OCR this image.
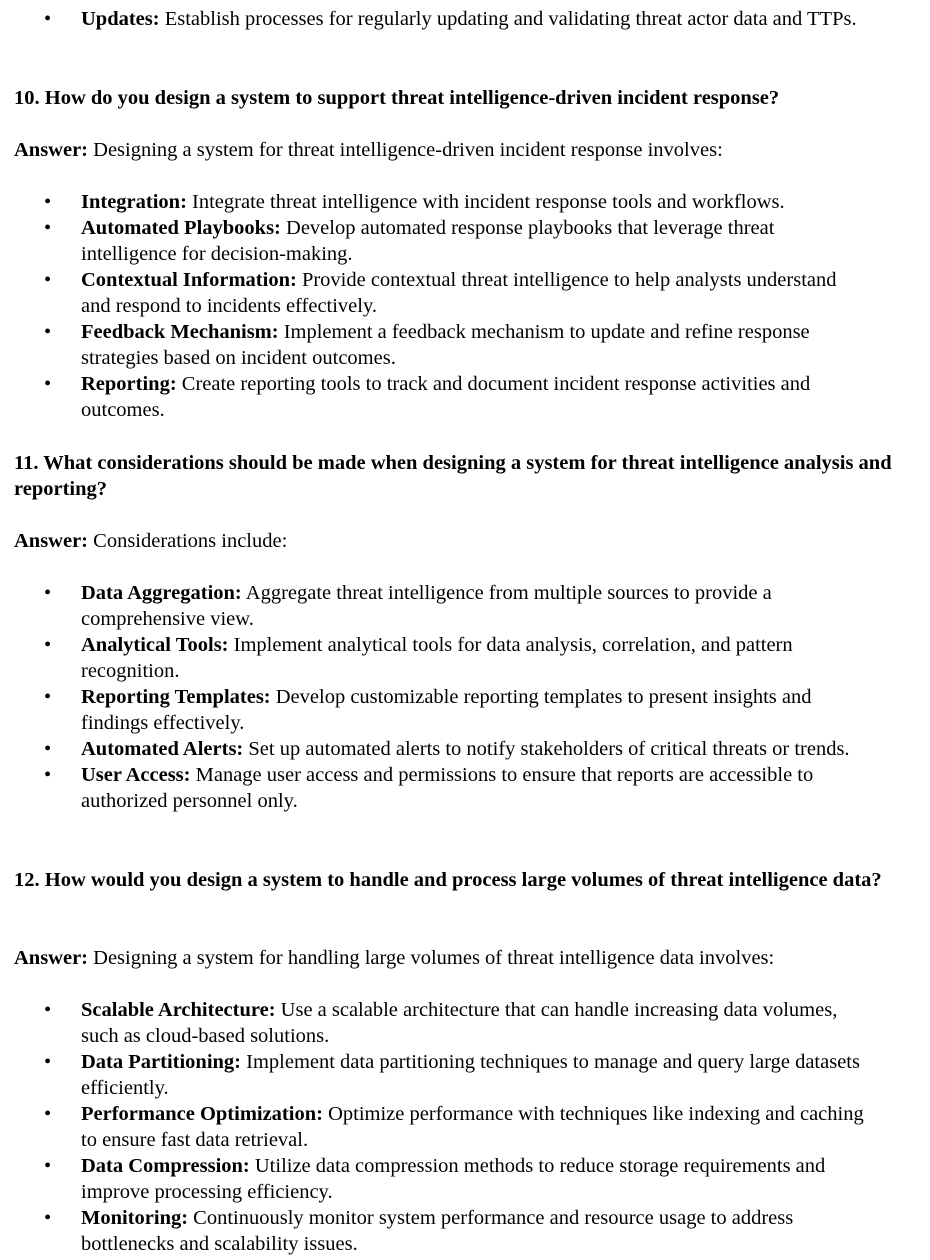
• Updates: Establish processes for regularly updating and validating threat actor data and TTPs.

10. How do you design a system to support threat intelligence-driven incident response?

Answer: Designing a system for threat intelligence-driven incident response involves:

• Integration: Integrate threat intelligence with incident response tools and workflows.
• Automated Playbooks: Develop automated response playbooks that leverage threat intelligence for decision-making.
• Contextual Information: Provide contextual threat intelligence to help analysts understand and respond to incidents effectively.
• Feedback Mechanism: Implement a feedback mechanism to update and refine response strategies based on incident outcomes.
• Reporting: Create reporting tools to track and document incident response activities and outcomes.

11. What considerations should be made when designing a system for threat intelligence analysis and reporting?

Answer: Considerations include:

• Data Aggregation: Aggregate threat intelligence from multiple sources to provide a comprehensive view.
• Analytical Tools: Implement analytical tools for data analysis, correlation, and pattern recognition.
• Reporting Templates: Develop customizable reporting templates to present insights and findings effectively.
• Automated Alerts: Set up automated alerts to notify stakeholders of critical threats or trends.
• User Access: Manage user access and permissions to ensure that reports are accessible to authorized personnel only.

12. How would you design a system to handle and process large volumes of threat intelligence data?

Answer: Designing a system for handling large volumes of threat intelligence data involves:

• Scalable Architecture: Use a scalable architecture that can handle increasing data volumes, such as cloud-based solutions.
• Data Partitioning: Implement data partitioning techniques to manage and query large datasets efficiently.
• Performance Optimization: Optimize performance with techniques like indexing and caching to ensure fast data retrieval.
• Data Compression: Utilize data compression methods to reduce storage requirements and improve processing efficiency.
• Monitoring: Continuously monitor system performance and resource usage to address bottlenecks and scalability issues.
